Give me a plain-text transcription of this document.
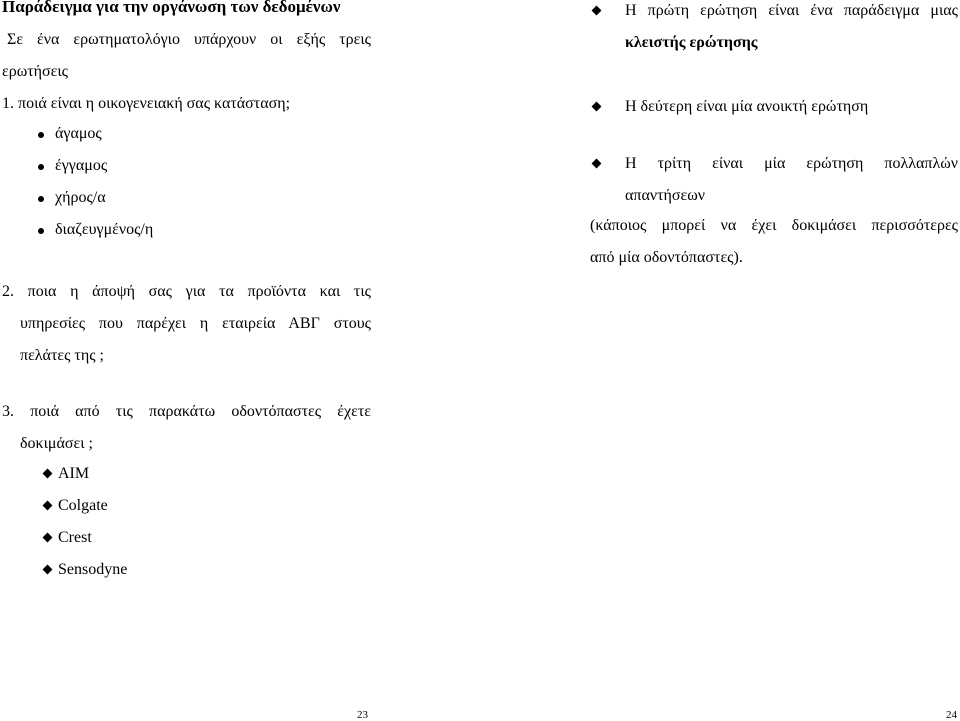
Παράδειγμα για την οργάνωση των δεδομένων
Σε ένα ερωτηματολόγιο υπάρχουν οι εξής τρεις
ερωτήσεις
1. ποιά είναι η οικογενειακή σας κατάσταση;
άγαμος
έγγαμος
χήρος/α
διαζευγμένος/η
2. ποια η άποψή σας για τα προϊόντα και τις
υπηρεσίες που παρέχει η εταιρεία ΑΒΓ στους
πελάτες της ;
3. ποιά από τις παρακάτω οδοντόπαστες έχετε
δοκιμάσει ;
AIM
Colgate
Crest
Sensodyne
23
Η πρώτη ερώτηση είναι ένα παράδειγμα μιας
κλειστής ερώτησης
Η δεύτερη είναι μία ανοικτή ερώτηση
Η τρίτη είναι μία ερώτηση πολλαπλών
απαντήσεων
(κάποιος μπορεί να έχει δοκιμάσει περισσότερες
από μία οδοντόπαστες).
24
